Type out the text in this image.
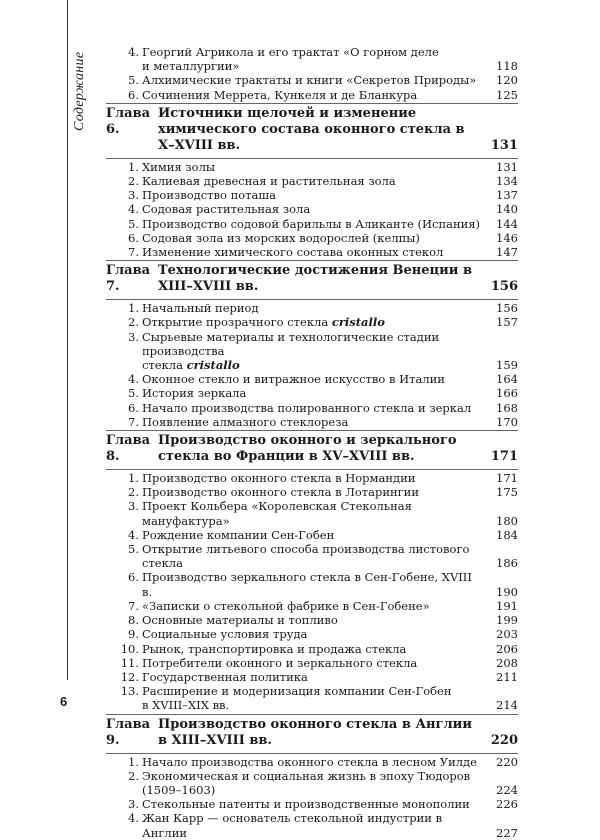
Содержание
6
4. Георгий Агрикола и его трактат «О горном деле
и металлургии»	118
5. Алхимические трактаты и книги «Секретов Природы» 120
6. Сочинения Меррета, Кункеля и де Бланкура	125
Глава 6.
Источники щелочей и изменение химического состава оконного стекла в X–XVIII вв.	131
1. Химия золы	131
2. Калиевая древесная и растительная зола	134
3. Производство поташа	137
4. Содовая растительная зола	140
5. Производство содовой барильлы в Аликанте (Испания) 144
6. Содовая зола из морских водорослей (келпы)	146
7. Изменение химического состава оконных стекол	147
Глава 7.
Технологические достижения Венеции в XIII–XVIII вв.	156
1. Начальный период	156
2. Открытие прозрачного стекла cristallo	157
3. Сырьевые материалы и технологические стадии производства
стекла cristallo	159
4. Оконное стекло и витражное искусство в Италии	164
5. История зеркала	166
6. Начало производства полированного стекла и зеркал 168
7. Появление алмазного стеклореза	170
Глава 8.
Производство оконного и зеркального стекла во Франции в XV–XVIII вв.	171
1. Производство оконного стекла в Нормандии	171
2. Производство оконного стекла в Лотарингии	175
3. Проект Кольбера «Королевская Стекольная мануфактура»	180
4. Рождение компании Сен-Гобен	184
5. Открытие литьевого способа производства листового стекла	186
6. Производство зеркального стекла в Сен-Гобене, XVIII в.	190
7. «Записки о стекольной фабрике в Сен-Гобене»	191
8. Основные материалы и топливо	199
9. Социальные условия труда	203
10. Рынок, транспортировка и продажа стекла	206
11. Потребители оконного и зеркального стекла	208
12. Государственная политика	211
13. Расширение и модернизация компании Сен-Гобен
в XVIII–XIX вв.	214
Глава 9.
Производство оконного стекла в Англии в XIII–XVIII вв.	220
1. Начало производства оконного стекла в лесном Уилде 220
2. Экономическая и социальная жизнь в эпоху Тюдоров
(1509–1603)	224
3. Стекольные патенты и производственные монополии 226
4. Жан Карр — основатель стекольной индустрии в Англии	227
